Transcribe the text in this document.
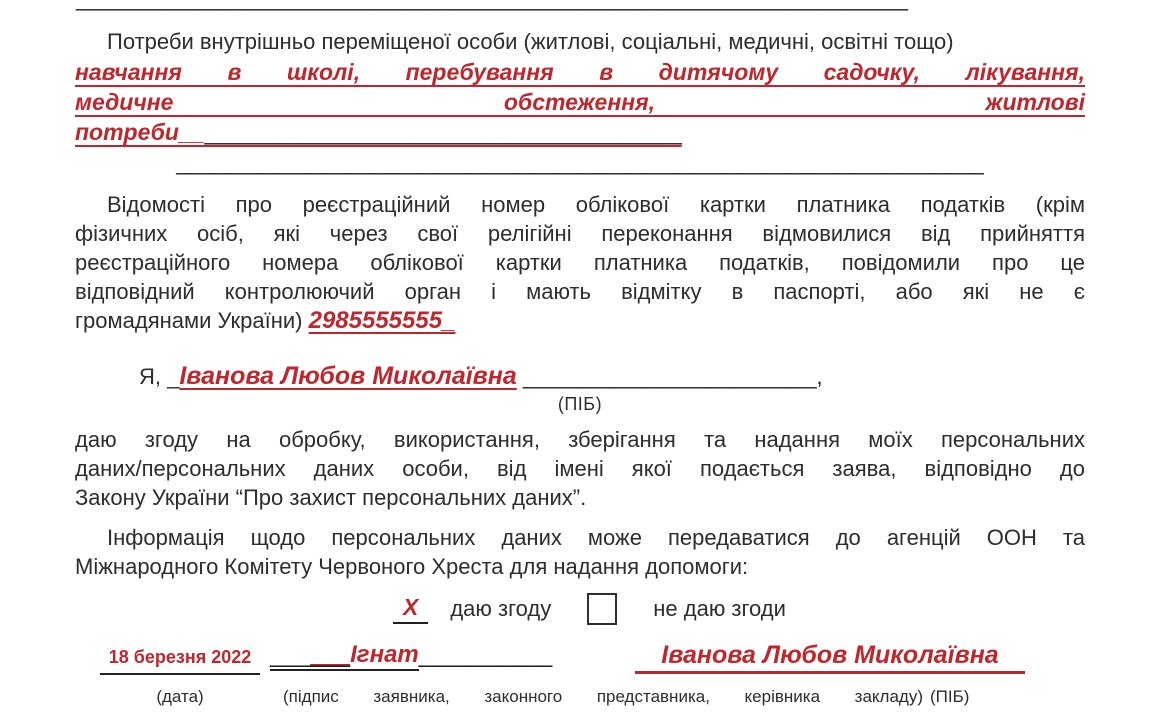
Потреби внутрішньо переміщеної особи (житлові, соціальні, медичні, освітні тощо)
навчання в школі, перебування в дитячому садочку, лікування,
медичне обстеження, житлові
потреби_________________________________________
__________________________________________________________________
Відомості про реєстраційний номер облікової картки платника податків (крім
фізичних осіб, які через свої релігійні переконання відмовилися від прийняття
реєстраційного номера облікової картки платника податків, повідомили про це
відповідний контролюючий орган і мають відмітку в паспорті, або які не є
громадянами України) 2985555555_
Я, _Іванова Любов Миколаївна ________________________,
(ПІБ)
даю згоду на обробку, використання, зберігання та надання моїх персональних
даних/персональних даних особи, від імені якої подається заява, відповідно до
Закону України “Про захист персональних даних”.
Інформація щодо персональних даних може передаватися до агенцій ООН та
Міжнародного Комітету Червоного Хреста для надання допомоги:
X	даю згоду	не даю згоди
18 березня 2022 ______Ігнат__________	Іванова Любов Миколаївна
(дата)	(підпис заявника, законного представника, керівника закладу) (ПІБ)
